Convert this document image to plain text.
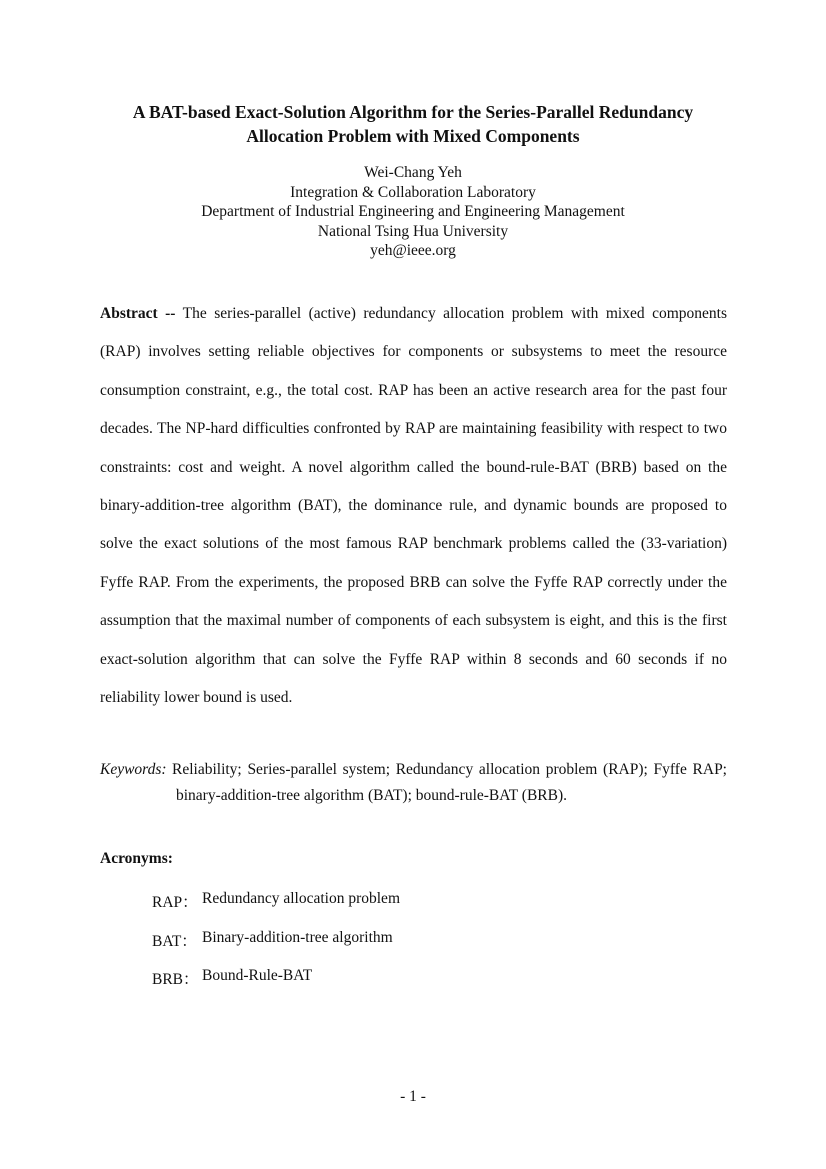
A BAT-based Exact-Solution Algorithm for the Series-Parallel Redundancy
Allocation Problem with Mixed Components
Wei-Chang Yeh
Integration & Collaboration Laboratory
Department of Industrial Engineering and Engineering Management
National Tsing Hua University
yeh@ieee.org

Abstract -- The series-parallel (active) redundancy allocation problem with mixed components (RAP) involves setting reliable objectives for components or subsystems to meet the resource consumption constraint, e.g., the total cost. RAP has been an active research area for the past four decades. The NP-hard difficulties confronted by RAP are maintaining feasibility with respect to two constraints: cost and weight. A novel algorithm called the bound-rule-BAT (BRB) based on the binary-addition-tree algorithm (BAT), the dominance rule, and dynamic bounds are proposed to solve the exact solutions of the most famous RAP benchmark problems called the (33-variation) Fyffe RAP. From the experiments, the proposed BRB can solve the Fyffe RAP correctly under the assumption that the maximal number of components of each subsystem is eight, and this is the first exact-solution algorithm that can solve the Fyffe RAP within 8 seconds and 60 seconds if no reliability lower bound is used.

Keywords: Reliability; Series-parallel system; Redundancy allocation problem (RAP); Fyffe RAP; binary-addition-tree algorithm (BAT); bound-rule-BAT (BRB).
Acronyms:
RAP： Redundancy allocation problem
BAT： Binary-addition-tree algorithm
BRB： Bound-Rule-BAT
- 1 -
